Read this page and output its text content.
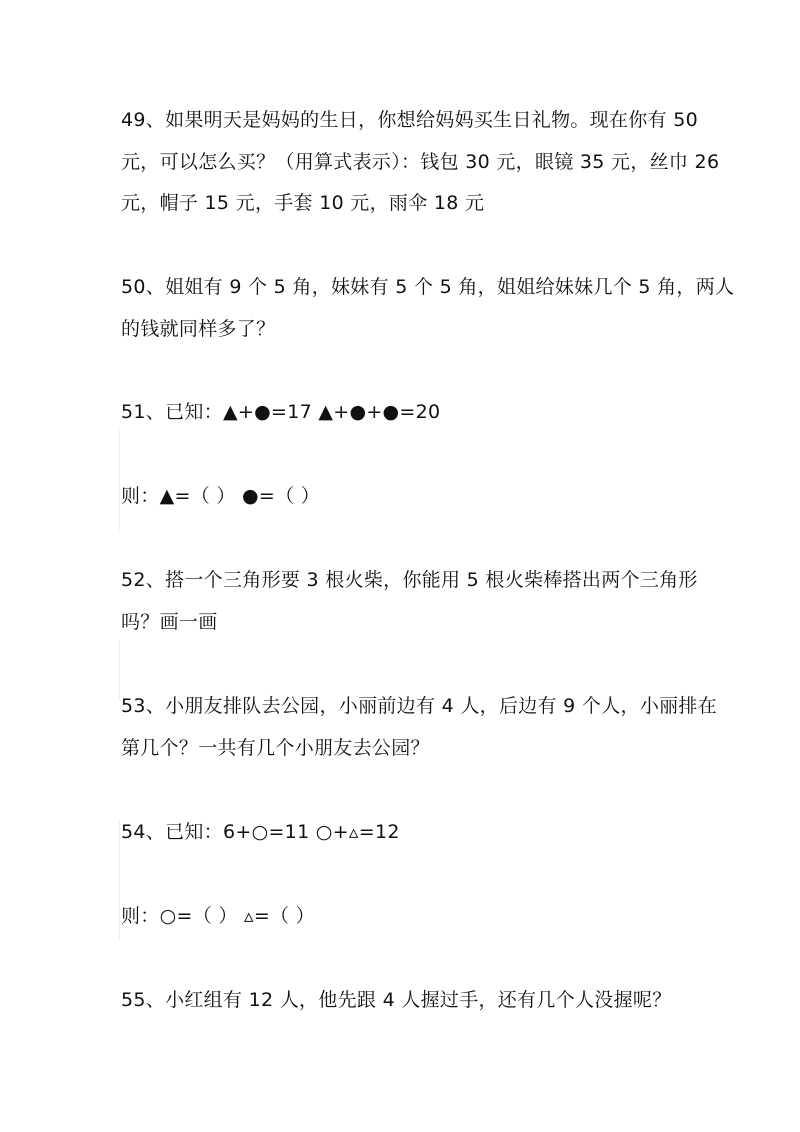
49、如果明天是妈妈的生日，你想给妈妈买生日礼物。现在你有 50
元，可以怎么买？（用算式表示）：钱包 30 元，眼镜 35 元，丝巾 26
元，帽子 15 元，手套 10 元，雨伞 18 元
50、姐姐有 9 个 5 角，妹妹有 5 个 5 角，姐姐给妹妹几个 5 角，两人
的钱就同样多了？
51、已知：▲+●=17 ▲+●+●=20
则：▲=（ ） ●=（ ）
52、搭一个三角形要 3 根火柴，你能用 5 根火柴棒搭出两个三角形
吗？画一画
53、小朋友排队去公园，小丽前边有 4 人，后边有 9 个人，小丽排在
第几个？一共有几个小朋友去公园？
54、已知：6+○=11 ○+▵=12
则：○=（ ） ▵=（ ）
55、小红组有 12 人，他先跟 4 人握过手，还有几个人没握呢？
